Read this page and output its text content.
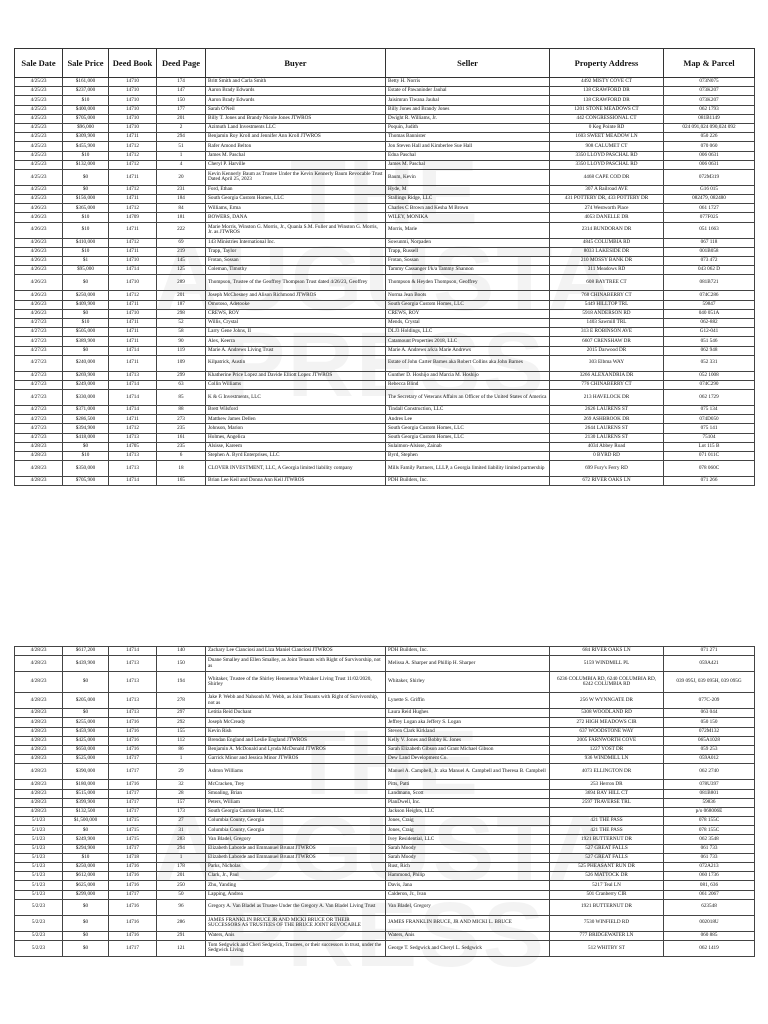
Sale Date	Sale Price	Deed Book	Deed Page	Buyer	Seller	Property Address	Map & Parcel
4/25/23	$161,000	14710	174	Britt Smith and Carla Smith	Betty H. Norris	4492 MISTY COVE CT	073N075
4/25/23	$237,000	14710	147	Aaron Brady Edwards	Estate of Pawaninder Jauhal	138 CRAWFORD DR	073K207
4/25/23	$10	14710	150	Aaron Brady Edwards	Jaisimran Tiwana Jauhal	138 CRAWFORD DR	073K207
4/25/23	$400,000	14710	177	Sarah O'Neil	Billy Jones and Brandy Jones	1201 STONE MEADOWS CT	062 1793
4/25/23	$705,000	14710	201	Billy T. Jones and Brandy Nicole Jones JTWROS	Dwight R. Williams, Jr.	442 CONGRESSIONAL CT	081B1149
4/25/23	$96,000	14710	2	Azimuth Land Investments LLC	Poquin, Judith	0 Keg Pointe RD	024 091,024 090,024 092
4/25/23	$309,900	14711	294	Benjamin Roy Kroll and Jennifer Ann Kroll JTWROS	Thomas Bannister	1603 SWEET MEADOW LN	050 226
4/25/23	$455,900	14712	51	Rafer Amond Belton	Jon Steven Hall and Kimberlee Sue Hall	908 CALUMET CT	070 060
4/25/23	$10	14712	1	James M. Paschal	Edna Paschal	3350 LLOYD PASCHAL RD	006 0631
4/25/23	$132,000	14712	4	Cheryl P. Harville	James M. Paschal	3350 LLOYD PASCHAL RD	006 0631
4/25/23	$0	14711	20	Kevin Kennerly Baum as Trustee Under the Kevin Kennerly Baum Revocable Trust Dated April 25, 2023	Baum, Kevin	4468 CAPE COD DR	072M319
4/25/23	$0	14712	231	Ford, Ethan	Hyde, M	307 A Railroad AVE	G16 015
4/25/23	$156,000	14711	184	South Georgia Custom Homes, LLC	Stallings Ridge, LLC	431 POTTERY DR, 433 POTTERY DR	082479, 082480
4/26/23	$365,000	14712	84	Williams, Erma	Charles C Brown and Kesha M Brown	274 Westworth Place	061 1727
4/26/23	$10	14709	181	BOWERS, DANA	WILEY, MONIKA	4053 DANELLE DR	077F025
4/26/23	$10	14711	222	Marie Morris, Winston G. Morris, Jr., Quanla S.M. Fuller and Winston G. Morris, Jr. as JTWROS	Morris, Marie	2314 BUNDORAN DR	051 1663
4/26/23	$410,000	14712	69	143 Ministries International Inc.	Sowunmi, Norpaden	4845 COLUMBIA RD	067 118
4/26/23	$10	14711	219	Trapp, Taylor	Trapp, Russell	8033 LAKESIDE DR	001B058
4/26/23	$1	14710	145	Frotan, Sossan	Frotan, Sossan	210 MOSSY BANK DR	073 472
4/26/23	$95,000	14714	125	Coleman, Timothy	Tammy Cassanger f/k/a Tammy Shannon	311 Meadows RD	043 062 D
4/26/23	$0	14710	289	Thompson, Trustee of the Geoffrey Thompson Trust dated 4/26/23, Geoffrey	Thompson & Heyden Thompson, Geoffrey	608 BAYTREE CT	081B721
4/26/23	$250,000	14712	201	Joseph McChesney and Alison Richmond JTWROS	Norma Jean Boots	768 CHINABERRY CT	074C286
4/26/23	$409,900	14711	187	Omotoso, Adetooke	South Georgia Custom Homes, LLC	5449 HILLTOP TRL	59847
4/26/23	$0	14710	298	CREWS, ROY	CREWS, ROY	5918 ANDERSON RD	040 051A
4/27/23	$10	14711	52	Willis, Crystal	Mends, Crystal	1403 Sawmill TRL	062-882
4/27/23	$505,000	14711	58	Larry Gene Johns, II	DLJ3 Holdings, LLC	313 E ROBINSON AVE	G12-041
4/27/23	$389,900	14711	90	Alex, Keerra	Catamount Properties 2018, LLC	6607 CRENSHAW DR	051 546
4/27/23	$0	14714	119	Marie A. Andrews Living Trust	Marie A. Andrews a/k/a Marie Andrews	2015 Darwood DR	062 948
4/27/23	$240,000	14711	109	Kilpatrick, Austin	Estate of John Carter Barnes aka Robert Collins aka John Barnes	303 Elbma WAY	052 331
4/27/23	$269,900	14713	299	Khatherine Price Lopez and Davide Elliott Lopez JTWROS	Gunther D. Hoshijo and Marcia M. Hoshijo	3266 ALEXANDRIA DR	052 1008
4/27/23	$249,000	14714	63	Collin Williams	Rebecca Blind	776 CHINABERRY CT	074C290
4/27/23	$330,000	14714	85	K & G Investments, LLC	The Secretary of Veterans Affairs an Officer of the United States of America	213 HAVELOCK DR	062 1729
4/27/23	$371,000	14714	88	Brett Wilsford	Tindall Construction, LLC	2626 LAURENS ST	075 134
4/27/23	$286,500	14711	273	Matthew James Dellen	Andres Lee	269 ASHBROOK DR	074D050
4/27/23	$394,900	14712	235	Johnson, Marion	South Georgia Custom Homes, LLC	2644 LAURENS ST	075 141
4/27/23	$418,000	14713	161	Holmes, Angelica	South Georgia Custom Homes, LLC	2130 LAURENS ST	75104
4/28/23	$0	14705	235	Alsisse, Kareem	Sulaimon-Alsisse, Zainab	4034 Abbey Road	Lot 115 B
4/28/23	$10	14713	6	Stephen A. Byrd Enterprises, LLC	Byrd, Stephen	0 BYRD RD	071 011C
4/28/23	$350,000	14713	18	CLOVER INVESTMENT, LLC, A Georgia limited liability company	Mills Family Partners, LLLP, a Georgia limited liability limited partnership	699 Fury's Ferry RD	078 060C
4/28/23	$705,900	14714	165	Brian Lee Keil and Donna Ann Keil JTWROS	PDH Builders, Inc.	672 RIVER OAKS LN	071 266
4/28/23	$617,200	14714	140	Zachary Lee Cianciosi and Liza Maniel Cianciosi JTWROS	PDH Builders, Inc.	684 RIVER OAKS LN	071 271
4/28/23	$439,900	14713	150	Duane Smalley and Ellen Smalley, as Joint Tenants with Right of Survivorship, not as	Melissa A. Sharper and Phillip H. Sharper	5159 WINDMILL PL	059A421
4/28/23	$0	14713	194	Whitaker, Trustee of the Shirley Hennemus Whitaker Living Trust 11/02/2020, Shirley	Whitaker, Shirley	6236 COLUMBIA RD, 6240 COLUMBIA RD, 6242 COLUMBIA RD	039 095J, 039 095H, 039 095G
4/28/23	$205,000	14713	278	Jake P. Webb and Nahsonh M. Webb, as Joint Tenants with Right of Survivorship, not as	Lynette S. Griffin	256 W WYNNGATE DR	077C-209
4/28/23	$0	14713	297	Letitia Reid Duchant	Laura Reid Hughes	5308 WOODLAND RD	063 044
4/28/23	$255,000	14716	292	Joseph McCready	Jeffrey Logan aka Jeffery S. Logan	272 HIGH MEADOWS CIR	050 150
4/28/23	$459,900	14716	155	Kevin Rish	Steven Clark Kirkland	637 WOODSTONE WAY	072M132
4/28/23	$425,000	14716	112	Brendan England and Leslie England JTWROS	Kelly V. Jones and Bobby K. Jones	2005 FARNWORTH COVE	065A1028
4/28/23	$650,000	14716	86	Benjamin A. McDonald and Lynda McDonald JTWROS	Sarah Elizabeth Gibson and Grant Michael Gibson	1227 YOST DR	059 253
4/28/23	$525,000	14717	1	Garrick Minor and Jessica Minor JTWROS	Dew Land Development Co.	936 WINDMILL LN	059A012
4/28/23	$390,000	14717	29	Ashton Williams	Manuel A. Campbell, Jr. aka Manuel A. Campbell and Theresa B. Campbell	4073 ELLINGTON DR	062 2740
4/28/23	$180,000	14716	32	McCracken, Trey	Pitts, Patti	253 Herron DR	078U397
4/28/23	$515,000	14717	28	Smoaling, Brian	Landmann, Scott	3694 BAY HILL CT	081B801
4/28/23	$399,900	14717	157	Peters, William	PlanDwell, Inc.	2597 TRAVERSE TRL	59836
4/28/23	$132,500	14717	173	South Georgia Custom Homes, LLC	Jackson Heights, LLC		p/o 068006E
5/1/23	$1,500,000	14715	27	Columbia County, Georgia	Jones, Craig	421 THE PASS	078 155C
5/1/23	$0	14715	31	Columbia County, Georgia	Jones, Craig	421 THE PASS	078 155C
5/1/23	$249,900	14715	283	Van Bladel, Gregory	Ivey Residential, LLC	1921 BUTTERNUT DR	062 3548
5/1/23	$294,900	14717	294	Elizabeth Laborde and Emmanuel Brunat JTWROS	Sarah Moody	527 GREAT FALLS	061 733
5/1/23	$10	14718	1	Elizabeth Laborde and Emmanuel Brunat JTWROS	Sarah Moody	527 GREAT FALLS	061 733
5/1/23	$250,000	14716	178	Parks, Nicholas	Rust, Rich	525 PHEASANT RUN DR	072A213
5/1/23	$612,000	14716	201	Clark, Jr., Paul	Hammond, Philip	526 MATTOCK DR	060 1736
5/1/23	$625,000	14716	250	Zhu, Yanding	Davis, Jana	5217 Teal LN	081, 636
5/1/23	$299,000	14717	50	Lapping, Andrea	Calderon, Jr., Ivan	501 Cranberry CIR	061 2067
5/2/23	$0	14716	96	Gregory A. Van Bladel as Trustee Under the Gregory A. Van Bladel Living Trust	Van Bladel, Gregory	1921 BUTTERNUT DR	623548
5/2/23	$0	14716	286	JAMES FRANKLIN BRUCE JR AND MICKI BRUCE OR THEIR SUCCESSORS AS TRUSTEES OF THE BRUCE JOINT REVOCABLE	JAMES FRANKLIN BRUCE, JR AND MICKI L. BRUCE	7530 WINFIELD RD	002018U
5/2/23	$0	14716	291	Waters, Anis	Waters, Anis	777 BRIDGEWATER LN	060 885
5/2/23	$0	14717	121	Tom Sedgwick and Cheri Sedgwick, Trustees, or their successors in trust, under the Sedgwick Living	George T. Sedgwick and Cheryl L. Sedgwick	512 WHITBY ST	062 1419
